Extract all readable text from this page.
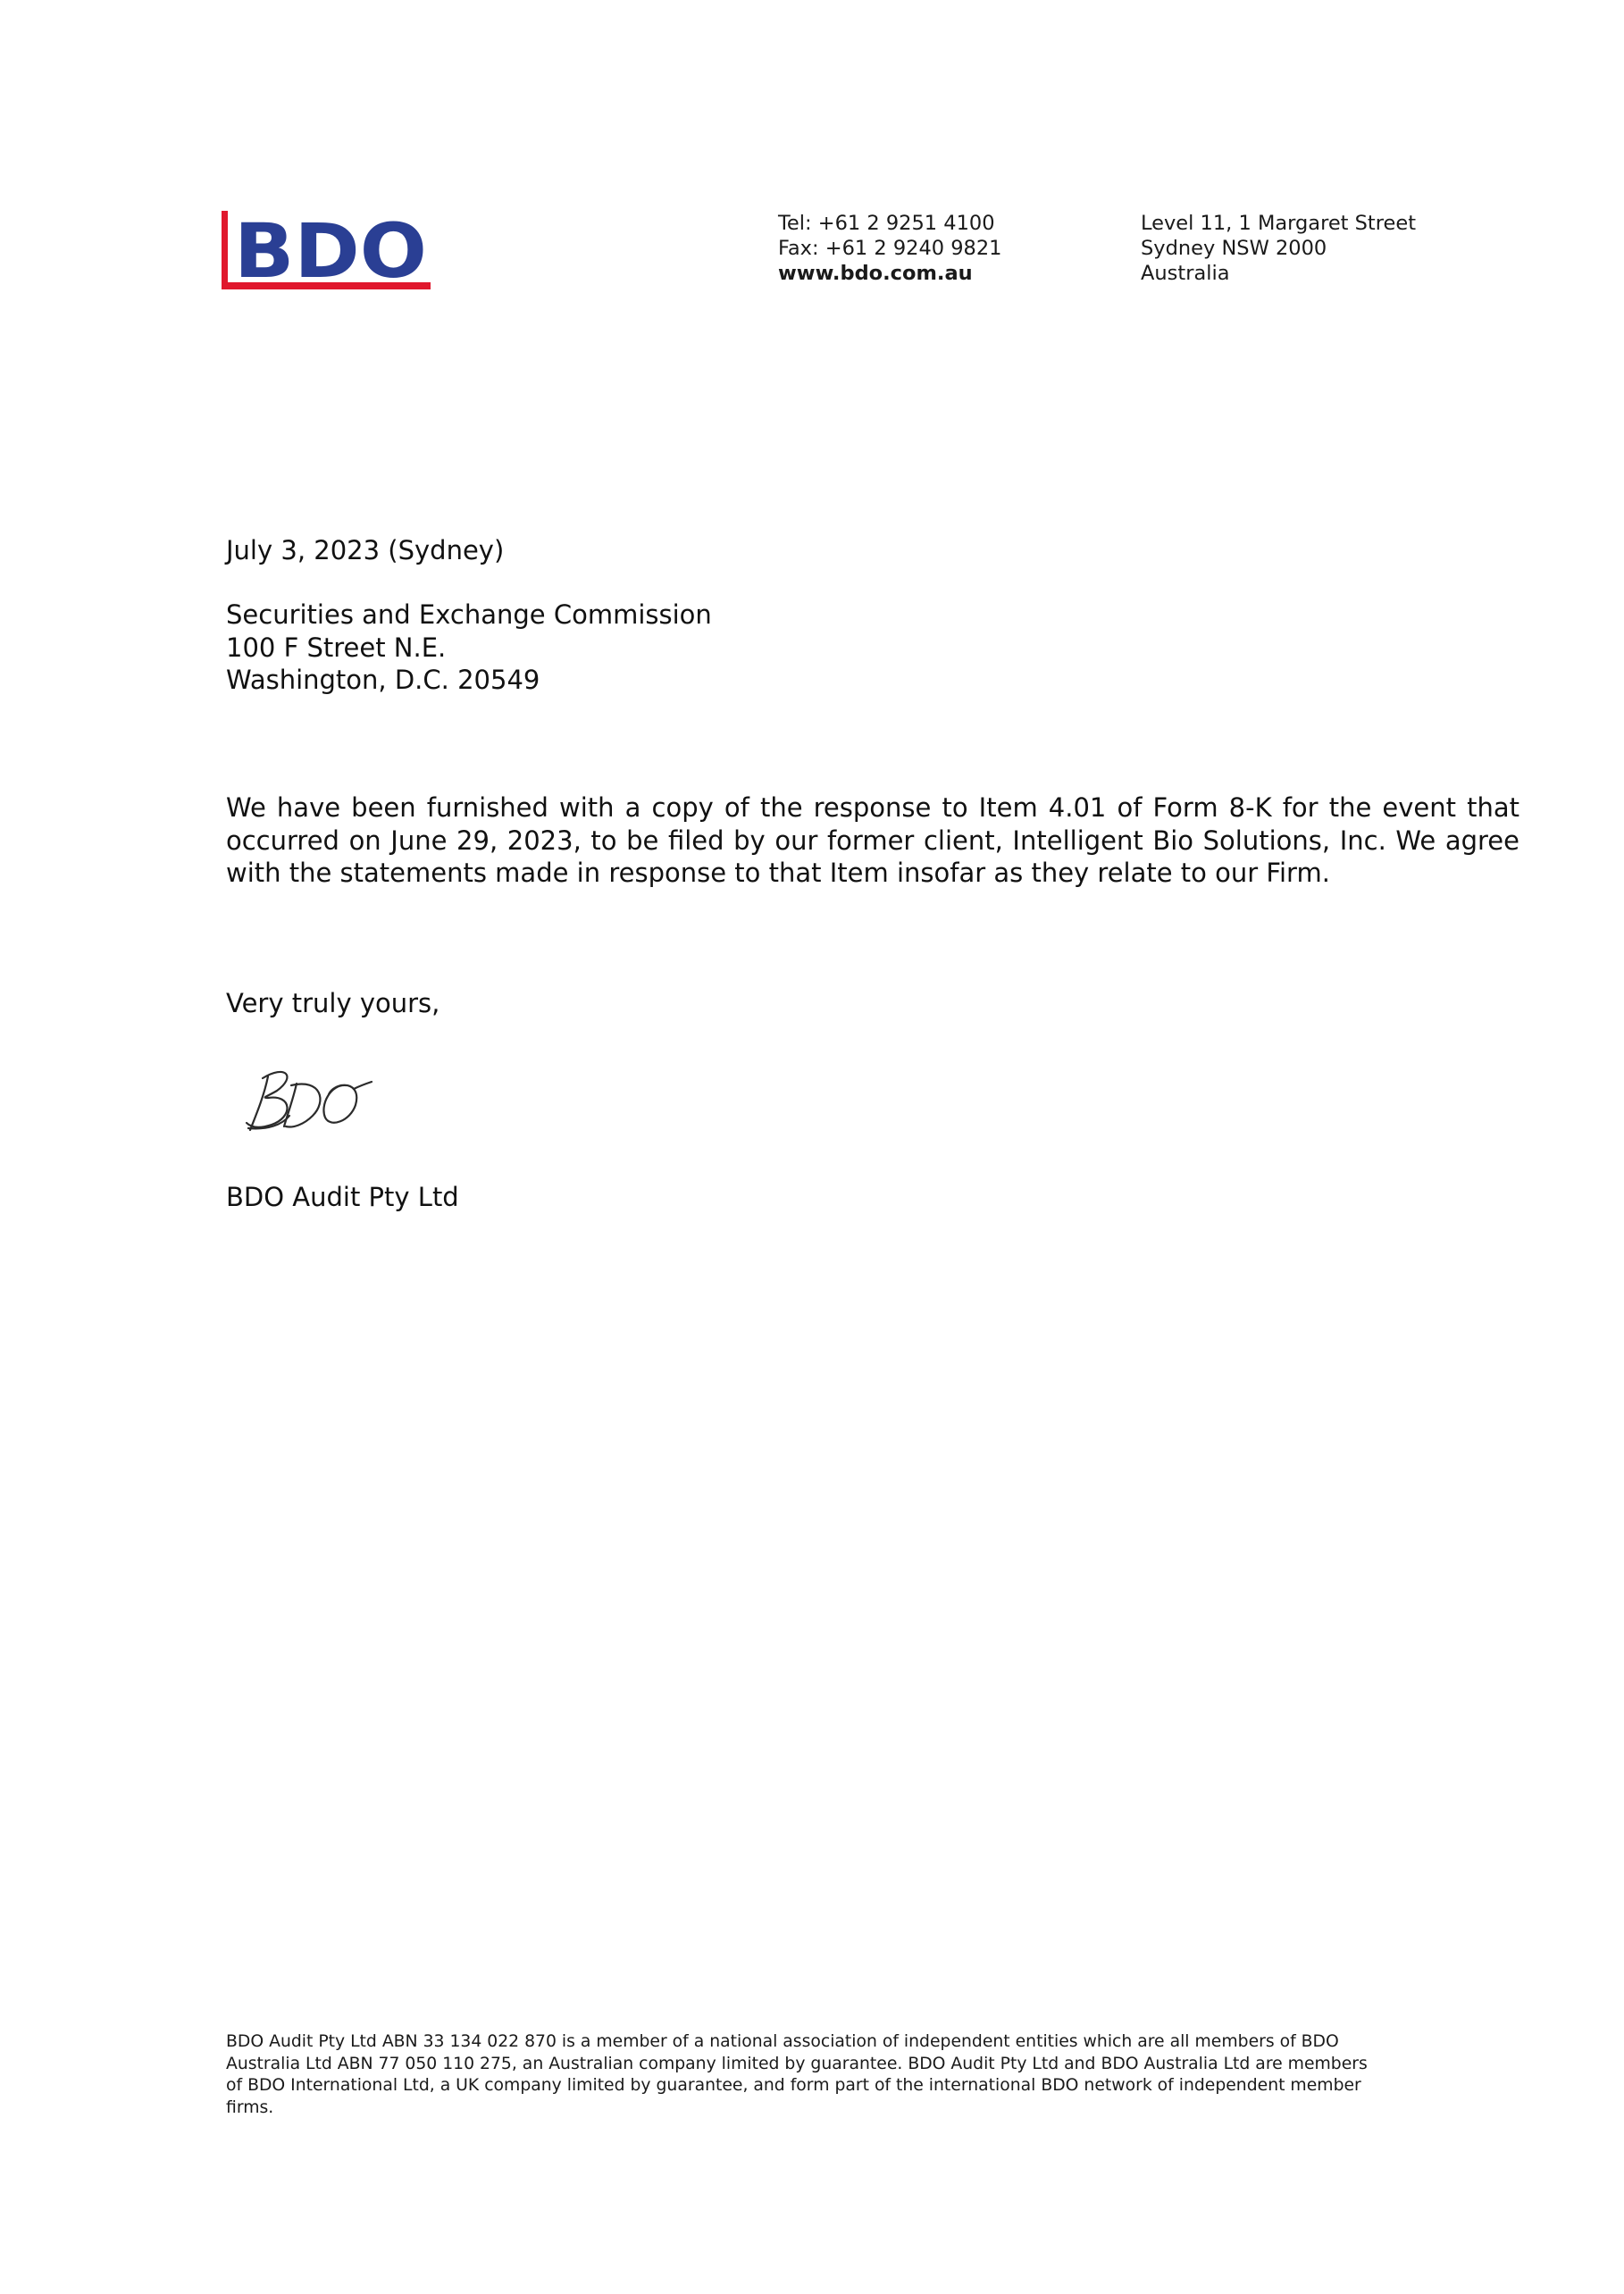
BDO	Tel: +61 2 9251 4100
Fax: +61 2 9240 9821
www.bdo.com.au
Level 11, 1 Margaret Street
Sydney NSW 2000
Australia
July 3, 2023 (Sydney)
Securities and Exchange Commission
100 F Street N.E.
Washington, D.C. 20549

We have been furnished with a copy of the response to Item 4.01 of Form 8-K for the event that occurred on June 29, 2023, to be filed by our former client, Intelligent Bio Solutions, Inc. We agree with the statements made in response to that Item insofar as they relate to our Firm.

Very truly yours,
BDO Audit Pty Ltd

BDO Audit Pty Ltd ABN 33 134 022 870 is a member of a national association of independent entities which are all members of BDO Australia Ltd ABN 77 050 110 275, an Australian company limited by guarantee. BDO Audit Pty Ltd and BDO Australia Ltd are members of BDO International Ltd, a UK company limited by guarantee, and form part of the international BDO network of independent member firms.
